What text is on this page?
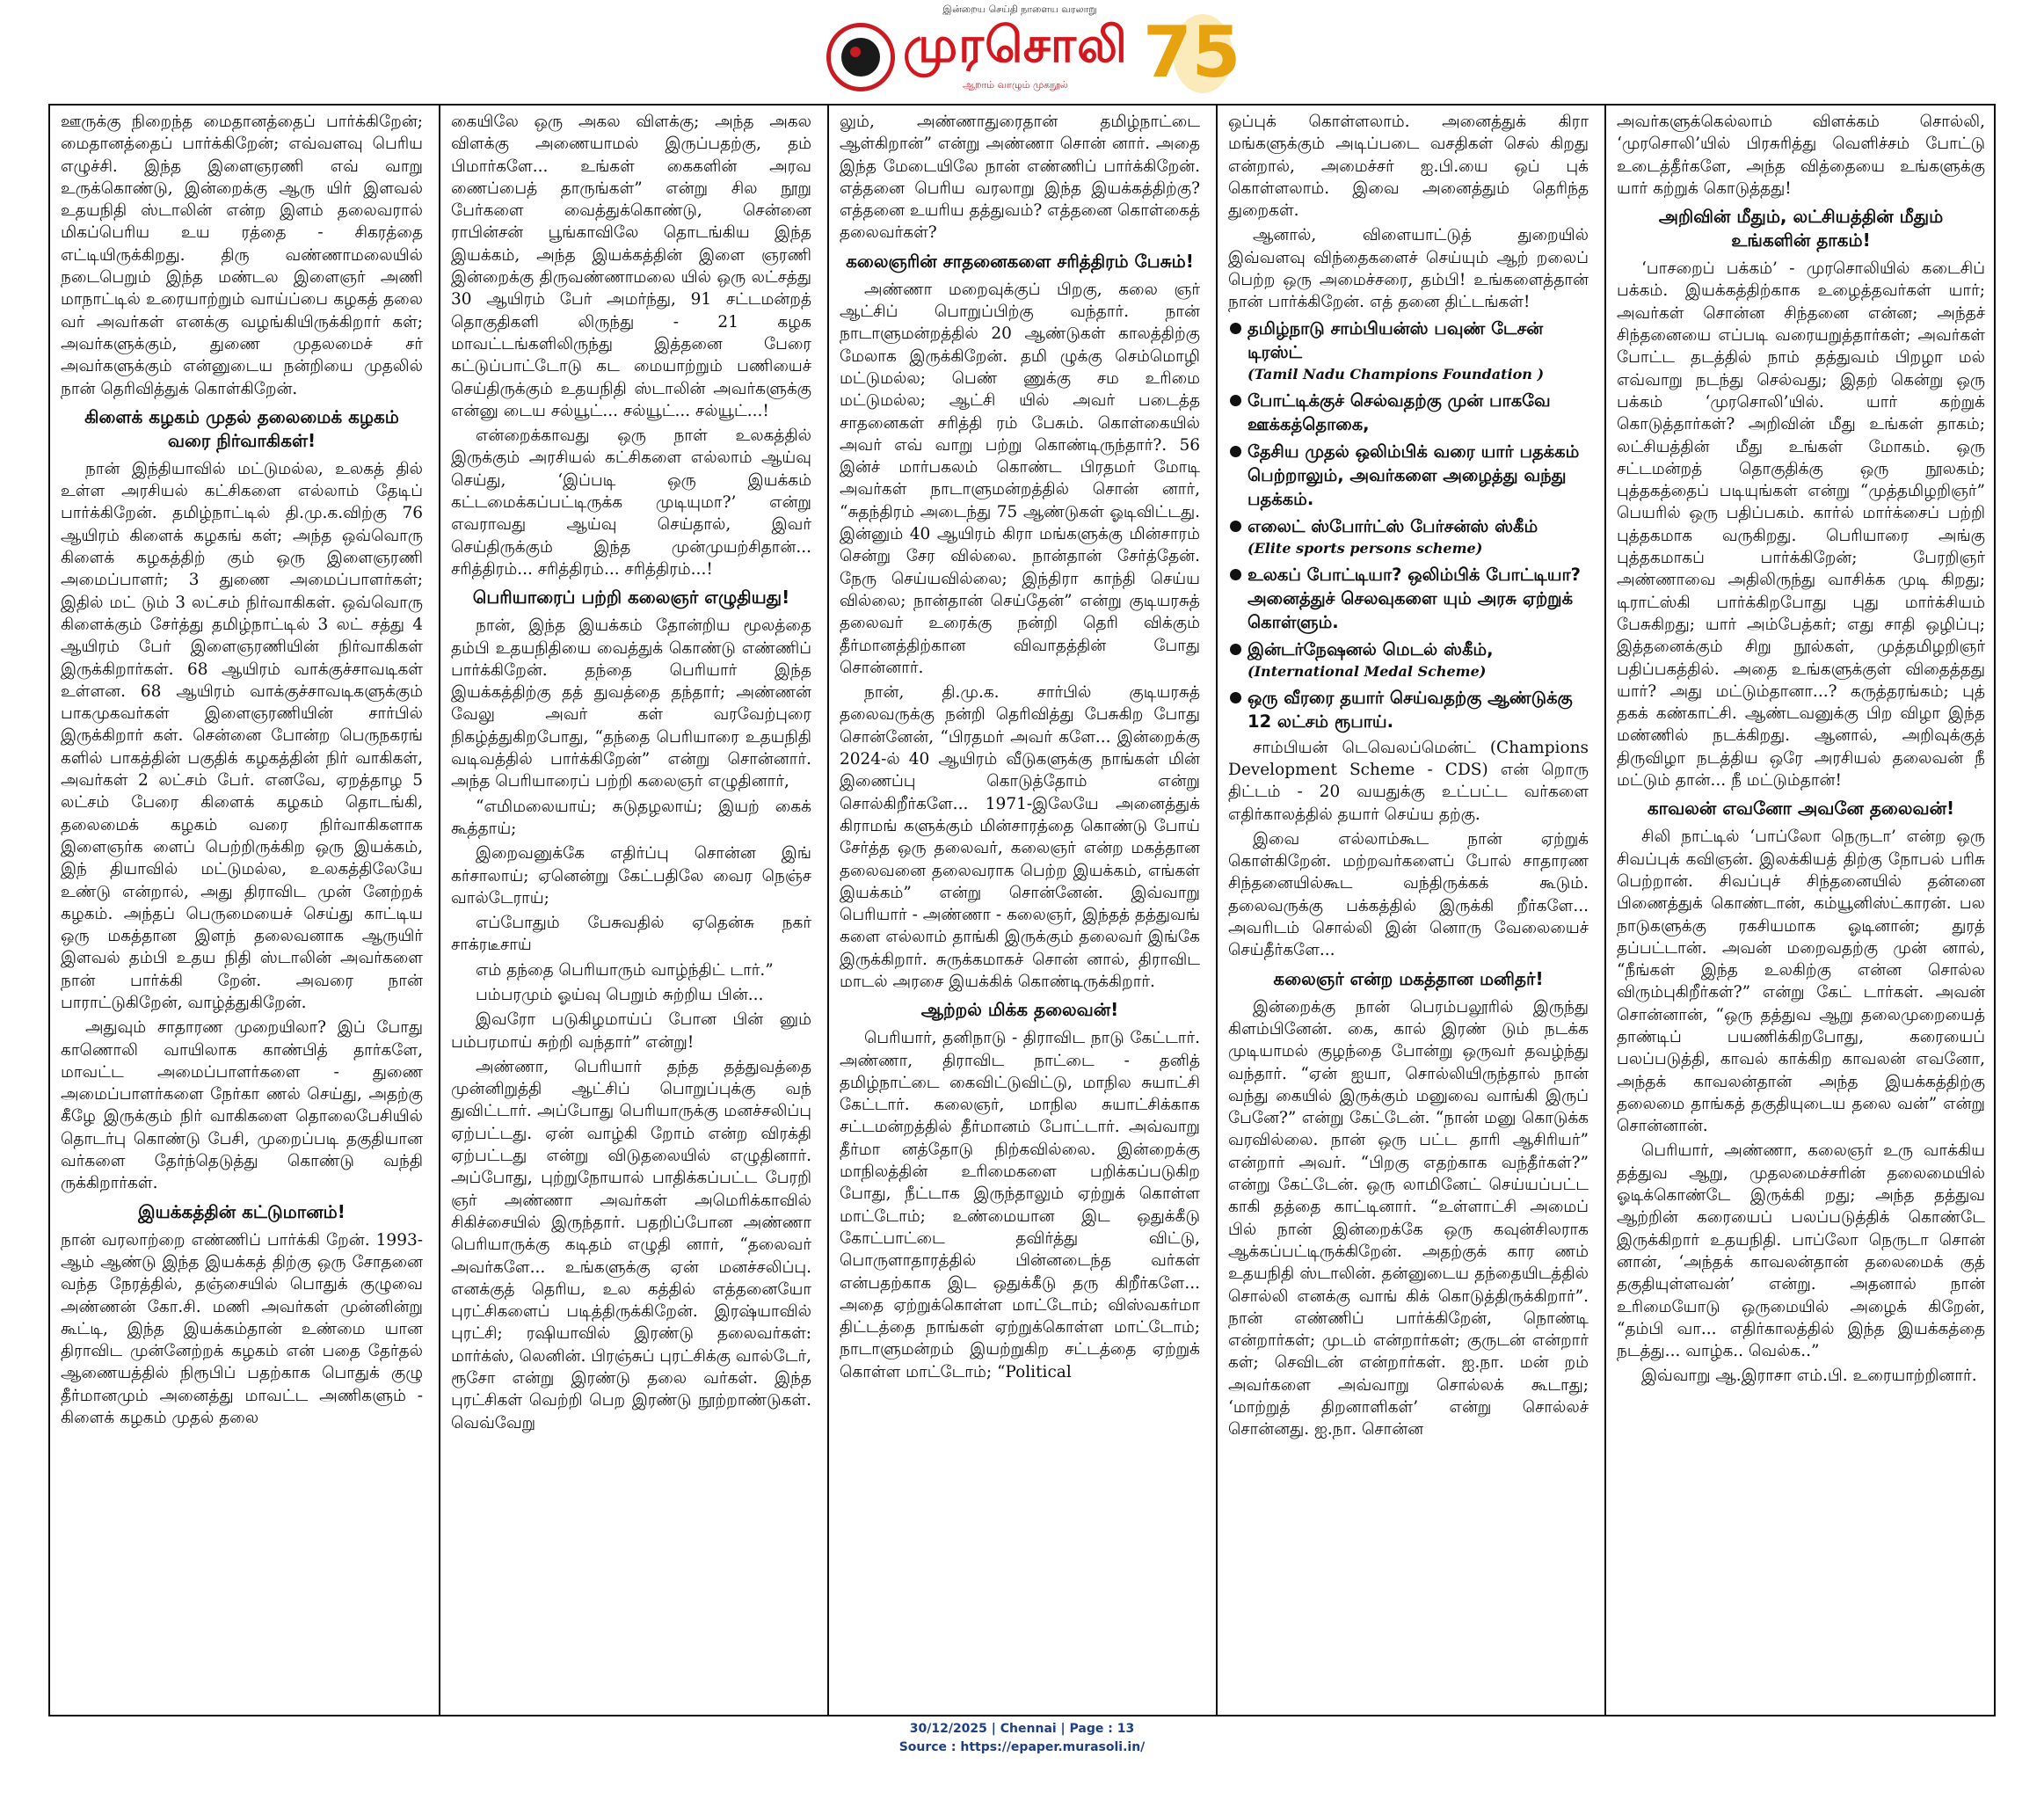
இன்றைய செய்தி நாளைய வரலாறு
முரசொலி
ஆறாம் வாழும் முகநூல்	75

ஊருக்கு நிறைந்த மைதானத்தைப் பார்க்கிறேன்; மைதானத்தைப் பார்க்கிறேன்; எவ்வளவு பெரிய எழுச்சி. இந்த இளைஞரணி எவ் வாறு உருக்கொண்டு, இன்றைக்கு ஆரு யிர் இளவல் உதயநிதி ஸ்டாலின் என்ற இளம் தலைவரால் மிகப்பெரிய உய ரத்தை - சிகரத்தை எட்டியிருக்கிறது. திரு வண்ணாமலையில் நடைபெறும் இந்த மண்டல இளைஞர் அணி மாநாட்டில் உரையாற்றும் வாய்ப்பை கழகத் தலை வர் அவர்கள் எனக்கு வழங்கியிருக்கிறார் கள்; அவர்களுக்கும், துணை முதலமைச் சர் அவர்களுக்கும் என்னுடைய நன்றியை முதலில் நான் தெரிவித்துக் கொள்கிறேன்.

கிளைக் கழகம் முதல் தலைமைக் கழகம் வரை நிர்வாகிகள்!

நான் இந்தியாவில் மட்டுமல்ல, உலகத் தில் உள்ள அரசியல் கட்சிகளை எல்லாம் தேடிப் பார்க்கிறேன். தமிழ்நாட்டில் தி.மு.க.விற்கு 76 ஆயிரம் கிளைக் கழகங் கள்; அந்த ஒவ்வொரு கிளைக் கழகத்திற் கும் ஒரு இளைஞரணி அமைப்பாளர்; 3 துணை அமைப்பாளர்கள்; இதில் மட் டும் 3 லட்சம் நிர்வாகிகள். ஒவ்வொரு கிளைக்கும் சேர்த்து தமிழ்நாட்டில் 3 லட் சத்து 4 ஆயிரம் பேர் இளைஞரணியின் நிர்வாகிகள் இருக்கிறார்கள். 68 ஆயிரம் வாக்குச்சாவடிகள் உள்ளன. 68 ஆயிரம் வாக்குச்சாவடிகளுக்கும் பாகமுகவர்கள் இளைஞரணியின் சார்பில் இருக்கிறார் கள். சென்னை போன்ற பெருநகரங் களில் பாகத்தின் பகுதிக் கழகத்தின் நிர் வாகிகள், அவர்கள் 2 லட்சம் பேர். எனவே, ஏறத்தாழ 5 லட்சம் பேரை கிளைக் கழகம் தொடங்கி, தலைமைக் கழகம் வரை நிர்வாகிகளாக இளைஞர்க ளைப் பெற்றிருக்கிற ஒரு இயக்கம், இந் தியாவில் மட்டுமல்ல, உலகத்திலேயே உண்டு என்றால், அது திராவிட முன் னேற்றக் கழகம். அந்தப் பெருமையைச் செய்து காட்டிய ஒரு மகத்தான இளந் தலைவனாக ஆருயிர் இளவல் தம்பி உதய நிதி ஸ்டாலின் அவர்களை நான் பார்க்கி றேன். அவரை நான் பாராட்டுகிறேன், வாழ்த்துகிறேன்.

அதுவும் சாதாரண முறையிலா? இப் போது காணொலி வாயிலாக காண்பித் தார்களே, மாவட்ட அமைப்பாளர்களை - துணை அமைப்பாளர்களை நேர்கா ணல் செய்து, அதற்கு கீழே இருக்கும் நிர் வாகிகளை தொலைபேசியில் தொடர்பு கொண்டு பேசி, முறைப்படி தகுதியான வர்களை தேர்ந்தெடுத்து கொண்டு வந்தி ருக்கிறார்கள்.

இயக்கத்தின் கட்டுமானம்!

நான் வரலாற்றை எண்ணிப் பார்க்கி றேன். 1993-ஆம் ஆண்டு இந்த இயக்கத் திற்கு ஒரு சோதனை வந்த நேரத்தில், தஞ்சையில் பொதுக் குழுவை அண்ணன் கோ.சி. மணி அவர்கள் முன்னின்று கூட்டி, இந்த இயக்கம்தான் உண்மை யான திராவிட முன்னேற்றக் கழகம் என் பதை தேர்தல் ஆணையத்தில் நிரூபிப் பதற்காக பொதுக் குழு தீர்மானமும் அனைத்து மாவட்ட அணிகளும் - கிளைக் கழகம் முதல் தலை

கையிலே ஒரு அகல விளக்கு; அந்த அகல விளக்கு அணையாமல் இருப்பதற்கு, தம் பிமார்களே... உங்கள் கைகளின் அரவ ணைப்பைத் தாருங்கள்” என்று சில நூறு பேர்களை வைத்துக்கொண்டு, சென்னை ராபின்சன் பூங்காவிலே தொடங்கிய இந்த இயக்கம், அந்த இயக்கத்தின் இளை ஞரணி இன்றைக்கு திருவண்ணாமலை யில் ஒரு லட்சத்து 30 ஆயிரம் பேர் அமர்ந்து, 91 சட்டமன்றத் தொகுதிகளி லிருந்து - 21 கழக மாவட்டங்களிலிருந்து இத்தனை பேரை கட்டுப்பாட்டோடு கட மையாற்றும் பணியைச் செய்திருக்கும் உதயநிதி ஸ்டாலின் அவர்களுக்கு என்னு டைய சல்யூட்... சல்யூட்... சல்யூட்...!

என்றைக்காவது ஒரு நாள் உலகத்தில் இருக்கும் அரசியல் கட்சிகளை எல்லாம் ஆய்வு செய்து, ‘இப்படி ஒரு இயக்கம் கட்டமைக்கப்பட்டிருக்க முடியுமா?’ என்று எவராவது ஆய்வு செய்தால், இவர் செய்திருக்கும் இந்த முன்முயற்சிதான்... சரித்திரம்... சரித்திரம்... சரித்திரம்...!

பெரியாரைப் பற்றி கலைஞர் எழுதியது!

நான், இந்த இயக்கம் தோன்றிய மூலத்தை தம்பி உதயநிதியை வைத்துக் கொண்டு எண்ணிப் பார்க்கிறேன். தந்தை பெரியார் இந்த இயக்கத்திற்கு தத் துவத்தை தந்தார்; அண்ணன் வேலு அவர் கள் வரவேற்புரை நிகழ்த்துகிறபோது, “தந்தை பெரியாரை உதயநிதி வடிவத்தில் பார்க்கிறேன்” என்று சொன்னார். அந்த பெரியாரைப் பற்றி கலைஞர் எழுதினார்,

“எமிமலையாய்; சுடுதழலாய்; இயற் கைக் கூத்தாய்;

இறைவனுக்கே எதிர்ப்பு சொன்ன இங் கர்சாலாய்; ஏனென்று கேட்பதிலே வைர நெஞ்ச வால்டேராய்;

எப்போதும் பேசுவதில் ஏதென்சு நகர் சாக்ரடீசாய்

எம் தந்தை பெரியாரும் வாழ்ந்திட் டார்.”

பம்பரமும் ஓய்வு பெறும் சுற்றிய பின்...

இவரோ படுகிழமாய்ப் போன பின் னும் பம்பரமாய் சுற்றி வந்தார்” என்று!

அண்ணா, பெரியார் தந்த தத்துவத்தை முன்னிறுத்தி ஆட்சிப் பொறுப்புக்கு வந் துவிட்டார். அப்போது பெரியாருக்கு மனச்சலிப்பு ஏற்பட்டது. ஏன் வாழ்கி றோம் என்ற விரக்தி ஏற்பட்டது என்று விடுதலையில் எழுதினார். அப்போது, புற்றுநோயால் பாதிக்கப்பட்ட பேரறி ஞர் அண்ணா அவர்கள் அமெரிக்காவில் சிகிச்சையில் இருந்தார். பதறிப்போன அண்ணா பெரியாருக்கு கடிதம் எழுதி னார், “தலைவர் அவர்களே... உங்களுக்கு ஏன் மனச்சலிப்பு. எனக்குத் தெரிய, உல கத்தில் எத்தனையோ புரட்சிகளைப் படித்திருக்கிறேன். இரஷ்யாவில் புரட்சி; ரஷியாவில் இரண்டு தலைவர்கள்: மார்க்ஸ், லெனின். பிரஞ்சுப் புரட்சிக்கு வால்டேர், ரூசோ என்று இரண்டு தலை வர்கள். இந்த புரட்சிகள் வெற்றி பெற இரண்டு நூற்றாண்டுகள். வெவ்வேறு

லும், அண்ணாதுரைதான் தமிழ்நாட்டை ஆள்கிறான்” என்று அண்ணா சொன் னார். அதை இந்த மேடையிலே நான் எண்ணிப் பார்க்கிறேன். எத்தனை பெரிய வரலாறு இந்த இயக்கத்திற்கு? எத்தனை உயரிய தத்துவம்? எத்தனை கொள்கைத் தலைவர்கள்?

கலைஞரின் சாதனைகளை சரித்திரம் பேசும்!

அண்ணா மறைவுக்குப் பிறகு, கலை ஞர் ஆட்சிப் பொறுப்பிற்கு வந்தார். நான் நாடாளுமன்றத்தில் 20 ஆண்டுகள் காலத்திற்கு மேலாக இருக்கிறேன். தமி ழுக்கு செம்மொழி மட்டுமல்ல; பெண் ணுக்கு சம உரிமை மட்டுமல்ல; ஆட்சி யில் அவர் படைத்த சாதனைகள் சரித்தி ரம் பேசும். கொள்கையில் அவர் எவ் வாறு பற்று கொண்டிருந்தார்?. 56 இன்ச் மார்பகலம் கொண்ட பிரதமர் மோடி அவர்கள் நாடாளுமன்றத்தில் சொன் னார், “சுதந்திரம் அடைந்து 75 ஆண்டுகள் ஓடிவிட்டது. இன்னும் 40 ஆயிரம் கிரா மங்களுக்கு மின்சாரம் சென்று சேர வில்லை. நான்தான் சேர்த்தேன். நேரு செய்யவில்லை; இந்திரா காந்தி செய்ய வில்லை; நான்தான் செய்தேன்” என்று குடியரசுத் தலைவர் உரைக்கு நன்றி தெரி விக்கும் தீர்மானத்திற்கான விவாதத்தின் போது சொன்னார்.

நான், தி.மு.க. சார்பில் குடியரசுத் தலைவருக்கு நன்றி தெரிவித்து பேசுகிற போது சொன்னேன், “பிரதமர் அவர் களே... இன்றைக்கு 2024-ல் 40 ஆயிரம் வீடுகளுக்கு நாங்கள் மின் இணைப்பு கொடுத்தோம் என்று சொல்கிறீர்களே... 1971-இலேயே அனைத்துக் கிராமங் களுக்கும் மின்சாரத்தை கொண்டு போய் சேர்த்த ஒரு தலைவர், கலைஞர் என்ற மகத்தான தலைவனை தலைவராக பெற்ற இயக்கம், எங்கள் இயக்கம்” என்று சொன்னேன். இவ்வாறு பெரியார் - அண்ணா - கலைஞர், இந்தத் தத்துவங் களை எல்லாம் தாங்கி இருக்கும் தலைவர் இங்கே இருக்கிறார். சுருக்கமாகச் சொன் னால், திராவிட மாடல் அரசை இயக்கிக் கொண்டிருக்கிறார்.

ஆற்றல் மிக்க தலைவன்!

பெரியார், தனிநாடு - திராவிட நாடு கேட்டார். அண்ணா, திராவிட நாட்டை - தனித் தமிழ்நாட்டை கைவிட்டுவிட்டு, மாநில சுயாட்சி கேட்டார். கலைஞர், மாநில சுயாட்சிக்காக சட்டமன்றத்தில் தீர்மானம் போட்டார். அவ்வாறு தீர்மா னத்தோடு நிற்கவில்லை. இன்றைக்கு மாநிலத்தின் உரிமைகளை பறிக்கப்படுகிற போது, நீட்டாக இருந்தாலும் ஏற்றுக் கொள்ள மாட்டோம்; உண்மையான இட ஒதுக்கீடு கோட்பாட்டை தவிர்த்து விட்டு, பொருளாதாரத்தில் பின்னடைந்த வர்கள் என்பதற்காக இட ஒதுக்கீடு தரு கிறீர்களே... அதை ஏற்றுக்கொள்ள மாட்டோம்; விஸ்வகர்மா திட்டத்தை நாங்கள் ஏற்றுக்கொள்ள மாட்டோம்; நாடாளுமன்றம் இயற்றுகிற சட்டத்தை ஏற்றுக் கொள்ள மாட்டோம்; “Political

ஒப்புக் கொள்ளலாம். அனைத்துக் கிரா மங்களுக்கும் அடிப்படை வசதிகள் செல் கிறது என்றால், அமைச்சர் ஐ.பி.யை ஒப் புக் கொள்ளலாம். இவை அனைத்தும் தெரிந்த துறைகள்.

ஆனால், விளையாட்டுத் துறையில் இவ்வளவு விந்தைகளைச் செய்யும் ஆற் றலைப் பெற்ற ஒரு அமைச்சரை, தம்பி! உங்களைத்தான் நான் பார்க்கிறேன். எத் தனை திட்டங்கள்!

தமிழ்நாடு சாம்பியன்ஸ் பவுண் டேசன் டிரஸ்ட்
(Tamil Nadu Champions Foundation )
போட்டிக்குச் செல்வதற்கு முன் பாகவே ஊக்கத்தொகை,
தேசிய முதல் ஒலிம்பிக் வரை யார் பதக்கம் பெற்றாலும், அவர்களை அழைத்து வந்து பதக்கம்.
எலைட் ஸ்போர்ட்ஸ் பேர்சன்ஸ் ஸ்கீம்
(Elite sports persons scheme)
உலகப் போட்டியா? ஒலிம்பிக் போட்டியா? அனைத்துச் செலவுகளை யும் அரசு ஏற்றுக் கொள்ளும்.
இன்டர்நேஷனல் மெடல் ஸ்கீம்,
(International Medal Scheme)
ஒரு வீரரை தயார் செய்வதற்கு ஆண்டுக்கு 12 லட்சம் ரூபாய்.

சாம்பியன் டெவெலப்மென்ட் (Champions Development Scheme - CDS) என் றொரு திட்டம் - 20 வயதுக்கு உட்பட்ட வர்களை எதிர்காலத்தில் தயார் செய்ய தற்கு.

இவை எல்லாம்கூட நான் ஏற்றுக் கொள்கிறேன். மற்றவர்களைப் போல் சாதாரண சிந்தனையில்கூட வந்திருக்கக் கூடும். தலைவருக்கு பக்கத்தில் இருக்கி றீர்களே... அவரிடம் சொல்லி இன் னொரு வேலையைச் செய்தீர்களே...

கலைஞர் என்ற மகத்தான மனிதர்!

இன்றைக்கு நான் பெரம்பலூரில் இருந்து கிளம்பினேன். கை, கால் இரண் டும் நடக்க முடியாமல் குழந்தை போன்று ஒருவர் தவழ்ந்து வந்தார். “ஏன் ஐயா, சொல்லியிருந்தால் நான் வந்து கையில் இருக்கும் மனுவை வாங்கி இருப் பேனே?” என்று கேட்டேன். “நான் மனு கொடுக்க வரவில்லை. நான் ஒரு பட்ட தாரி ஆசிரியர்” என்றார் அவர். “பிறகு எதற்காக வந்தீர்கள்?” என்று கேட்டேன். ஒரு லாமினேட் செய்யப்பட்ட காகி தத்தை காட்டினார். “உள்ளாட்சி அமைப் பில் நான் இன்றைக்கே ஒரு கவுன்சிலராக ஆக்கப்பட்டிருக்கிறேன். அதற்குக் கார ணம் உதயநிதி ஸ்டாலின். தன்னுடைய தந்தையிடத்தில் சொல்லி எனக்கு வாங் கிக் கொடுத்திருக்கிறார்”. நான் எண்ணிப் பார்க்கிறேன், நொண்டி என்றார்கள்; முடம் என்றார்கள்; குருடன் என்றார் கள்; செவிடன் என்றார்கள். ஐ.நா. மன் றம் அவர்களை அவ்வாறு சொல்லக் கூடாது; ‘மாற்றுத் திறனாளிகள்’ என்று சொல்லச் சொன்னது. ஐ.நா. சொன்ன

அவர்களுக்கெல்லாம் விளக்கம் சொல்லி, ‘முரசொலி’யில் பிரசுரித்து வெளிச்சம் போட்டு உடைத்தீர்களே, அந்த வித்தையை உங்களுக்கு யார் கற்றுக் கொடுத்தது!

அறிவின் மீதும், லட்சியத்தின் மீதும் உங்களின் தாகம்!

‘பாசறைப் பக்கம்’ - முரசொலியில் கடைசிப் பக்கம். இயக்கத்திற்காக உழைத்தவர்கள் யார்; அவர்கள் சொன்ன சிந்தனை என்ன; அந்தச் சிந்தனையை எப்படி வரையறுத்தார்கள்; அவர்கள் போட்ட தடத்தில் நாம் தத்துவம் பிறழா மல் எவ்வாறு நடந்து செல்வது; இதற் கென்று ஒரு பக்கம் ‘முரசொலி’யில். யார் கற்றுக் கொடுத்தார்கள்? அறிவின் மீது உங்கள் தாகம்; லட்சியத்தின் மீது உங்கள் மோகம். ஒரு சட்டமன்றத் தொகுதிக்கு ஒரு நூலகம்; புத்தகத்தைப் படியுங்கள் என்று “முத்தமிழறிஞர்” பெயரில் ஒரு பதிப்பகம். கார்ல் மார்க்சைப் பற்றி புத்தகமாக வருகிறது. பெரியாரை அங்கு புத்தகமாகப் பார்க்கிறேன்; பேரறிஞர் அண்ணாவை அதிலிருந்து வாசிக்க முடி கிறது; டிராட்ஸ்கி பார்க்கிறபோது புது மார்க்சியம் பேசுகிறது; யார் அம்பேத்கர்; எது சாதி ஒழிப்பு; இத்தனைக்கும் சிறு நூல்கள், முத்தமிழறிஞர் பதிப்பகத்தில். அதை உங்களுக்குள் விதைத்தது யார்? அது மட்டும்தானா...? கருத்தரங்கம்; புத் தகக் கண்காட்சி. ஆண்டவனுக்கு பிற விழா இந்த மண்ணில் நடக்கிறது. ஆனால், அறிவுக்குத் திருவிழா நடத்திய ஒரே அரசியல் தலைவன் நீ மட்டும் தான்... நீ மட்டும்தான்!

காவலன் எவனோ அவனே தலைவன்!

சிலி நாட்டில் ‘பாப்லோ நெருடா’ என்ற ஒரு சிவப்புக் கவிஞன். இலக்கியத் திற்கு நோபல் பரிசு பெற்றான். சிவப்புச் சிந்தனையில் தன்னை பிணைத்துக் கொண்டான், கம்யூனிஸ்ட்காரன். பல நாடுகளுக்கு ரகசியமாக ஓடினான்; துரத் தப்பட்டான். அவன் மறைவதற்கு முன் னால், “நீங்கள் இந்த உலகிற்கு என்ன சொல்ல விரும்புகிறீர்கள்?” என்று கேட் டார்கள். அவன் சொன்னான், “ஒரு தத்துவ ஆறு தலைமுறையைத் தாண்டிப் பயணிக்கிறபோது, கரையைப் பலப்படுத்தி, காவல் காக்கிற காவலன் எவனோ, அந்தக் காவலன்தான் அந்த இயக்கத்திற்கு தலைமை தாங்கத் தகுதியுடைய தலை வன்” என்று சொன்னான்.

பெரியார், அண்ணா, கலைஞர் உரு வாக்கிய தத்துவ ஆறு, முதலமைச்சரின் தலைமையில் ஓடிக்கொண்டே இருக்கி றது; அந்த தத்துவ ஆற்றின் கரையைப் பலப்படுத்திக் கொண்டே இருக்கிறார் உதயநிதி. பாப்லோ நெருடா சொன் னான், ‘அந்தக் காவலன்தான் தலைமைக் குத் தகுதியுள்ளவன்’ என்று. அதனால் நான் உரிமையோடு ஒருமையில் அழைக் கிறேன், “தம்பி வா... எதிர்காலத்தில் இந்த இயக்கத்தை நடத்து... வாழ்க.. வெல்க..”

இவ்வாறு ஆ.இராசா எம்.பி. உரையாற்றினார்.

30/12/2025 | Chennai | Page : 13
Source : https://epaper.murasoli.in/
